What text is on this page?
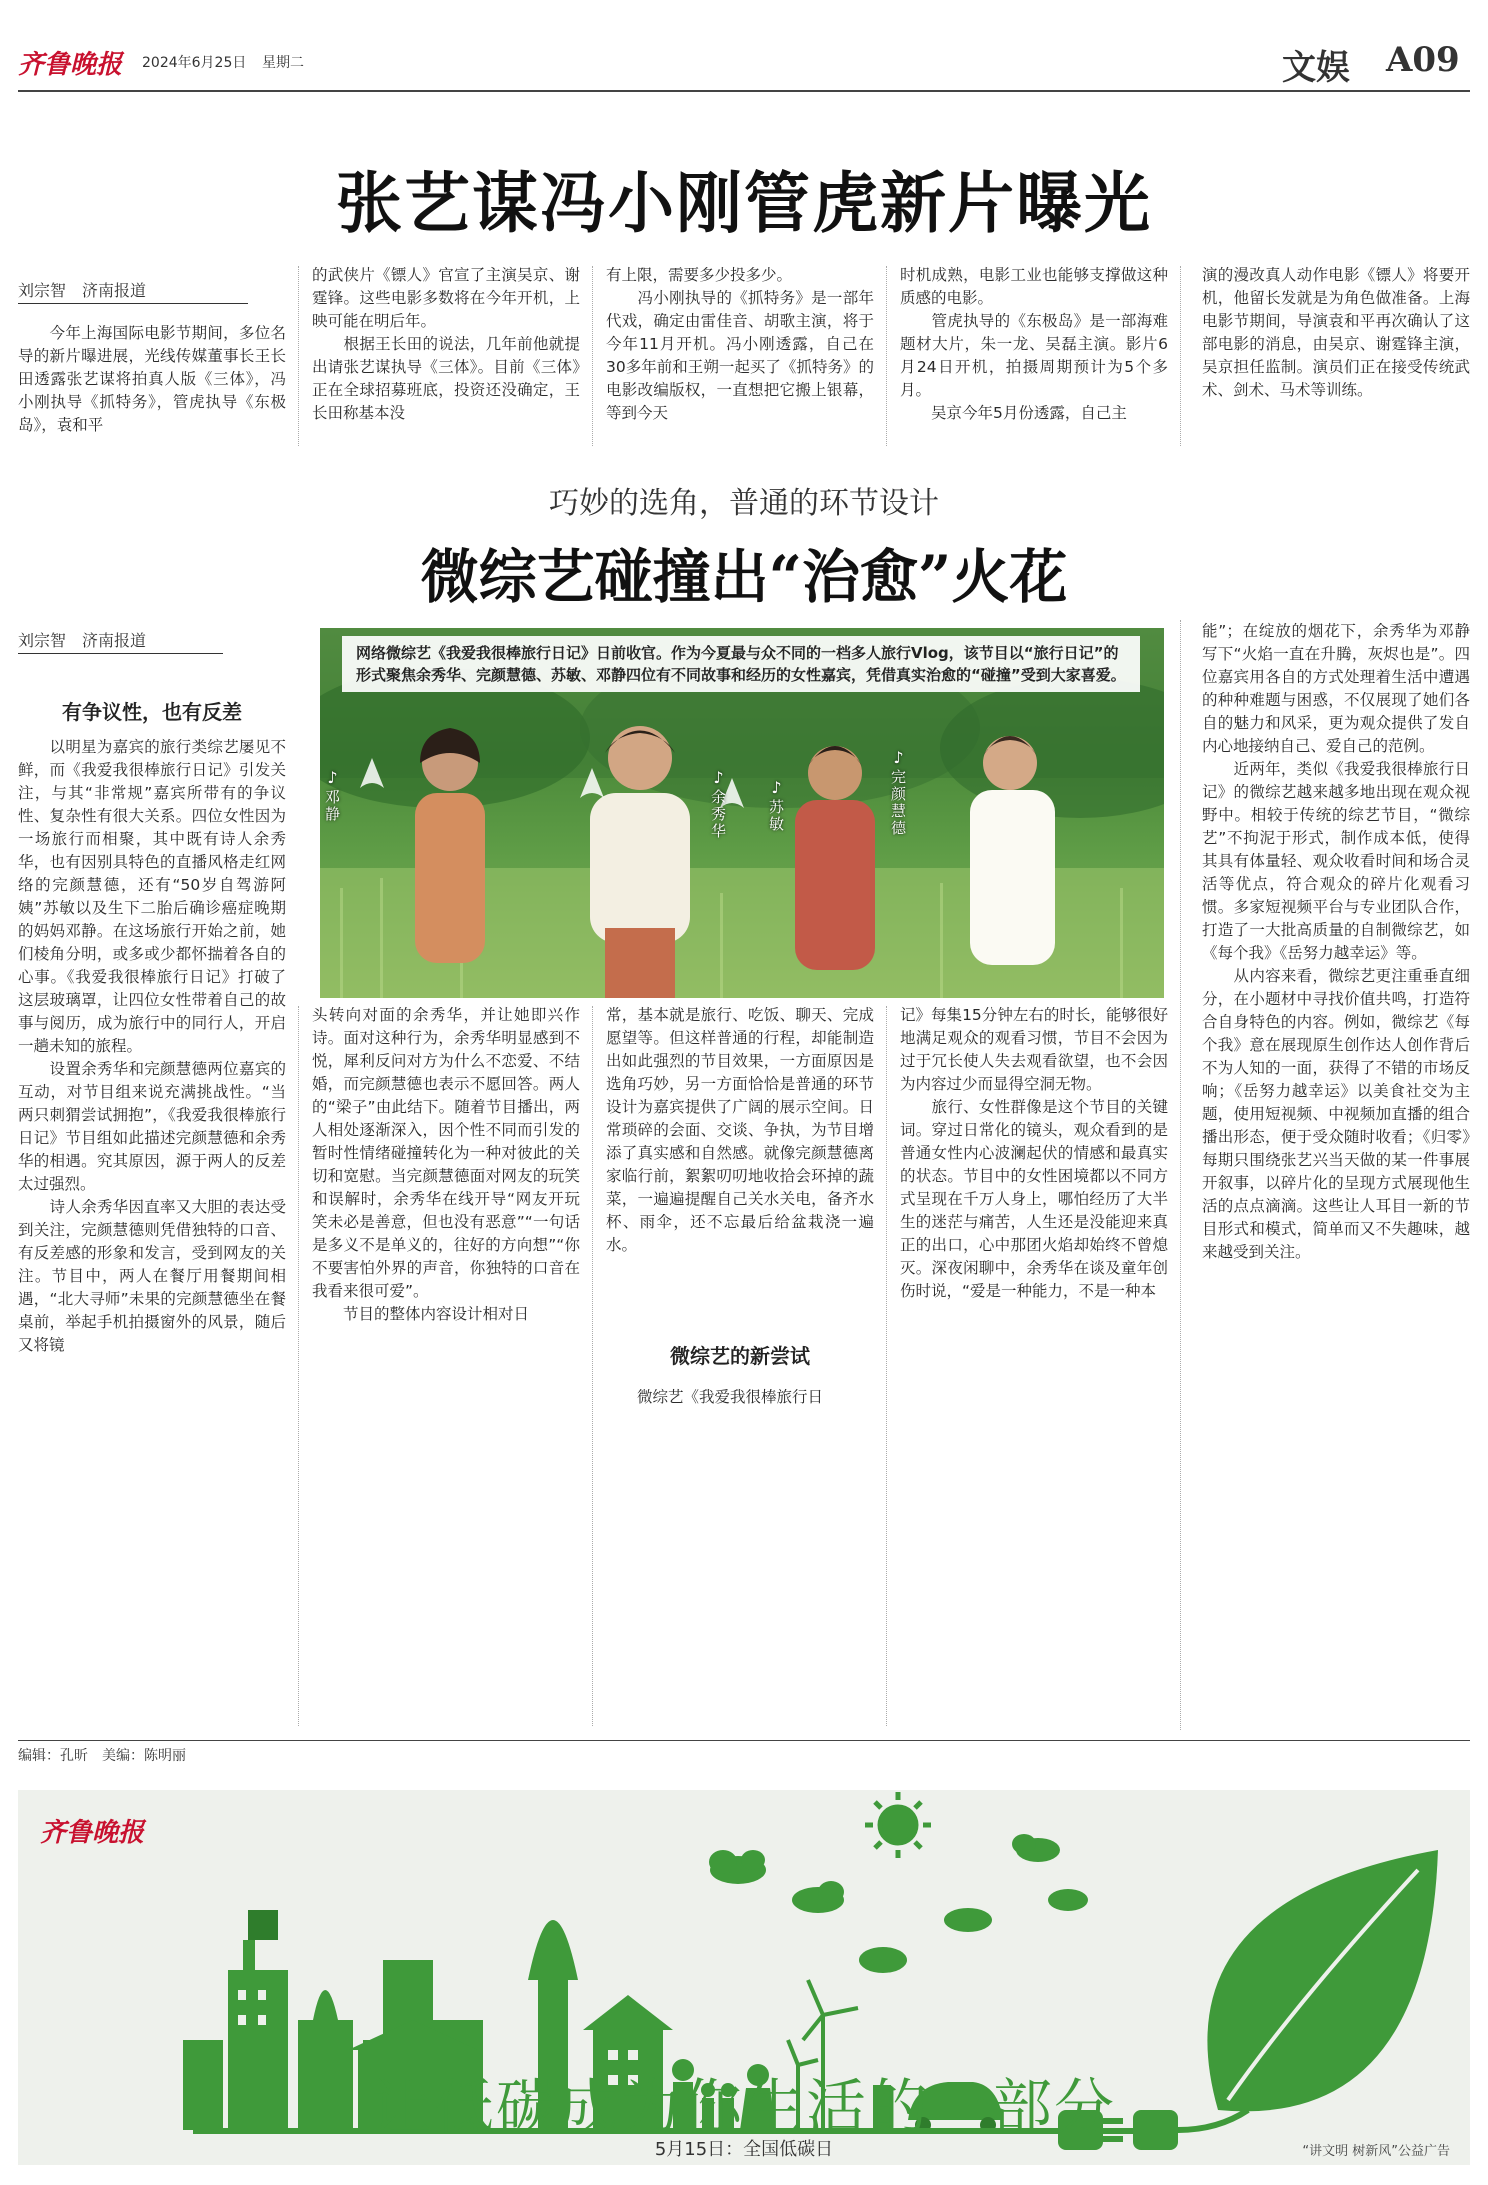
齐鲁晚报 2024年6月25日 星期二	文娱 A09
张艺谋冯小刚管虎新片曝光
刘宗智　济南报道
　　今年上海国际电影节期间，多位名导的新片曝进展，光线传媒董事长王长田透露张艺谋将拍真人版《三体》，冯小刚执导《抓特务》，管虎执导《东极岛》，袁和平
的武侠片《镖人》官宣了主演吴京、谢霆锋。这些电影多数将在今年开机，上映可能在明后年。
　　根据王长田的说法，几年前他就提出请张艺谋执导《三体》。目前《三体》正在全球招募班底，投资还没确定，王长田称基本没
有上限，需要多少投多少。
　　冯小刚执导的《抓特务》是一部年代戏，确定由雷佳音、胡歌主演，将于今年11月开机。冯小刚透露，自己在30多年前和王朔一起买了《抓特务》的电影改编版权，一直想把它搬上银幕，等到今天
时机成熟，电影工业也能够支撑做这种质感的电影。
　　管虎执导的《东极岛》是一部海难题材大片，朱一龙、吴磊主演。影片6月24日开机，拍摄周期预计为5个多月。
　　吴京今年5月份透露，自己主
演的漫改真人动作电影《镖人》将要开机，他留长发就是为角色做准备。上海电影节期间，导演袁和平再次确认了这部电影的消息，由吴京、谢霆锋主演，吴京担任监制。演员们正在接受传统武术、剑术、马术等训练。
巧妙的选角，普通的环节设计
微综艺碰撞出“治愈”火花
刘宗智　济南报道
有争议性，也有反差
　　以明星为嘉宾的旅行类综艺屡见不鲜，而《我爱我很棒旅行日记》引发关注，与其“非常规”嘉宾所带有的争议性、复杂性有很大关系。四位女性因为一场旅行而相聚，其中既有诗人余秀华，也有因别具特色的直播风格走红网络的完颜慧德，还有“50岁自驾游阿姨”苏敏以及生下二胎后确诊癌症晚期的妈妈邓静。在这场旅行开始之前，她们棱角分明，或多或少都怀揣着各自的心事。《我爱我很棒旅行日记》打破了这层玻璃罩，让四位女性带着自己的故事与阅历，成为旅行中的同行人，开启一趟未知的旅程。
　　设置余秀华和完颜慧德两位嘉宾的互动，对节目组来说充满挑战性。“当两只刺猬尝试拥抱”，《我爱我很棒旅行日记》节目组如此描述完颜慧德和余秀华的相遇。究其原因，源于两人的反差太过强烈。
　　诗人余秀华因直率又大胆的表达受到关注，完颜慧德则凭借独特的口音、有反差感的形象和发言，受到网友的关注。节目中，两人在餐厅用餐期间相遇，“北大寻师”未果的完颜慧德坐在餐桌前，举起手机拍摄窗外的风景，随后又将镜
网络微综艺《我爱我很棒旅行日记》日前收官。作为今夏最与众不同的一档多人旅行Vlog，该节目以“旅行日记”的形式聚焦余秀华、完颜慧德、苏敏、邓静四位有不同故事和经历的女性嘉宾，凭借真实治愈的“碰撞”受到大家喜爱。
♪邓静
♪余秀华
♪苏敏
♪完颜慧德
能”；在绽放的烟花下，余秀华为邓静写下“火焰一直在升腾，灰烬也是”。四位嘉宾用各自的方式处理着生活中遭遇的种种难题与困惑，不仅展现了她们各自的魅力和风采，更为观众提供了发自内心地接纳自己、爱自己的范例。
　　近两年，类似《我爱我很棒旅行日记》的微综艺越来越多地出现在观众视野中。相较于传统的综艺节目，“微综艺”不拘泥于形式，制作成本低，使得其具有体量轻、观众收看时间和场合灵活等优点，符合观众的碎片化观看习惯。多家短视频平台与专业团队合作，打造了一大批高质量的自制微综艺，如《每个我》《岳努力越幸运》等。
　　从内容来看，微综艺更注重垂直细分，在小题材中寻找价值共鸣，打造符合自身特色的内容。例如，微综艺《每个我》意在展现原生创作达人创作背后不为人知的一面，获得了不错的市场反响；《岳努力越幸运》以美食社交为主题，使用短视频、中视频加直播的组合播出形态，便于受众随时收看；《归零》每期只围绕张艺兴当天做的某一件事展开叙事，以碎片化的呈现方式展现他生活的点点滴滴。这些让人耳目一新的节目形式和模式，简单而又不失趣味，越来越受到关注。
头转向对面的余秀华，并让她即兴作诗。面对这种行为，余秀华明显感到不悦，犀利反问对方为什么不恋爱、不结婚，而完颜慧德也表示不愿回答。两人的“梁子”由此结下。随着节目播出，两人相处逐渐深入，因个性不同而引发的暂时性情绪碰撞转化为一种对彼此的关切和宽慰。当完颜慧德面对网友的玩笑和误解时，余秀华在线开导“网友开玩笑未必是善意，但也没有恶意”“一句话是多义不是单义的，往好的方向想”“你不要害怕外界的声音，你独特的口音在我看来很可爱”。
　　节目的整体内容设计相对日
常，基本就是旅行、吃饭、聊天、完成愿望等。但这样普通的行程，却能制造出如此强烈的节目效果，一方面原因是选角巧妙，另一方面恰恰是普通的环节设计为嘉宾提供了广阔的展示空间。日常琐碎的会面、交谈、争执，为节目增添了真实感和自然感。就像完颜慧德离家临行前，絮絮叨叨地收拾会环掉的蔬菜，一遍遍提醒自己关水关电，备齐水杯、雨伞，还不忘最后给盆栽浇一遍水。
微综艺的新尝试
　　微综艺《我爱我很棒旅行日
记》每集15分钟左右的时长，能够很好地满足观众的观看习惯，节目不会因为过于冗长使人失去观看欲望，也不会因为内容过少而显得空洞无物。
　　旅行、女性群像是这个节目的关键词。穿过日常化的镜头，观众看到的是普通女性内心波澜起伏的情感和最真实的状态。节目中的女性困境都以不同方式呈现在千万人身上，哪怕经历了大半生的迷茫与痛苦，人生还是没能迎来真正的出口，心中那团火焰却始终不曾熄灭。深夜闲聊中，余秀华在谈及童年创伤时说，“爱是一种能力，不是一种本
编辑：孔昕　美编：陈明丽
齐鲁晚报
让低碳成为你生活的一部分
5月15日：全国低碳日	“讲文明 树新风”公益广告
